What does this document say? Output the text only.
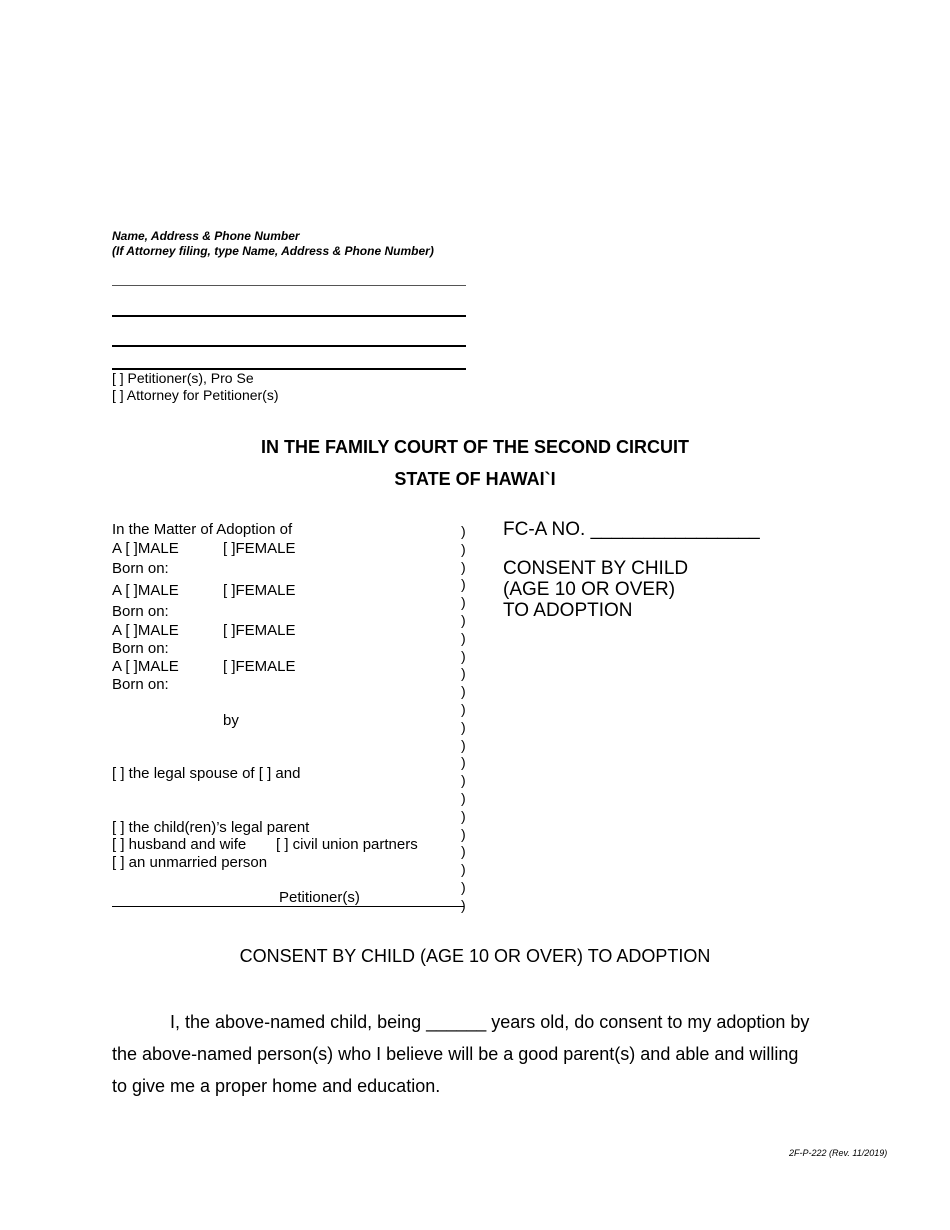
Name, Address & Phone Number
(If Attorney filing, type Name, Address & Phone Number)
[ ] Petitioner(s), Pro Se
[ ] Attorney for Petitioner(s)
IN THE FAMILY COURT OF THE SECOND CIRCUIT
STATE OF HAWAI`I
In the Matter of Adoption of
A [ ]MALE	[ ]FEMALE
Born on:
A [ ]MALE	[ ]FEMALE
Born on:
A [ ]MALE	[ ]FEMALE
Born on:
A [ ]MALE	[ ]FEMALE
Born on:
by
[ ] the legal spouse of [ ] and
[ ] the child(ren)’s legal parent
[ ] husband and wife [ ] civil union partners
[ ] an unmarried person
Petitioner(s)
)
)
)
)
)
)
)
)
)
)
)
)
)
)
)
)
)
)
)
)
)
)
FC-A NO. ________________
CONSENT BY CHILD
(AGE 10 OR OVER)
TO ADOPTION
CONSENT BY CHILD (AGE 10 OR OVER) TO ADOPTION
I, the above-named child, being ______ years old, do consent to my adoption by
the above-named person(s) who I believe will be a good parent(s) and able and willing
to give me a proper home and education.
2F-P-222 (Rev. 11/2019)
